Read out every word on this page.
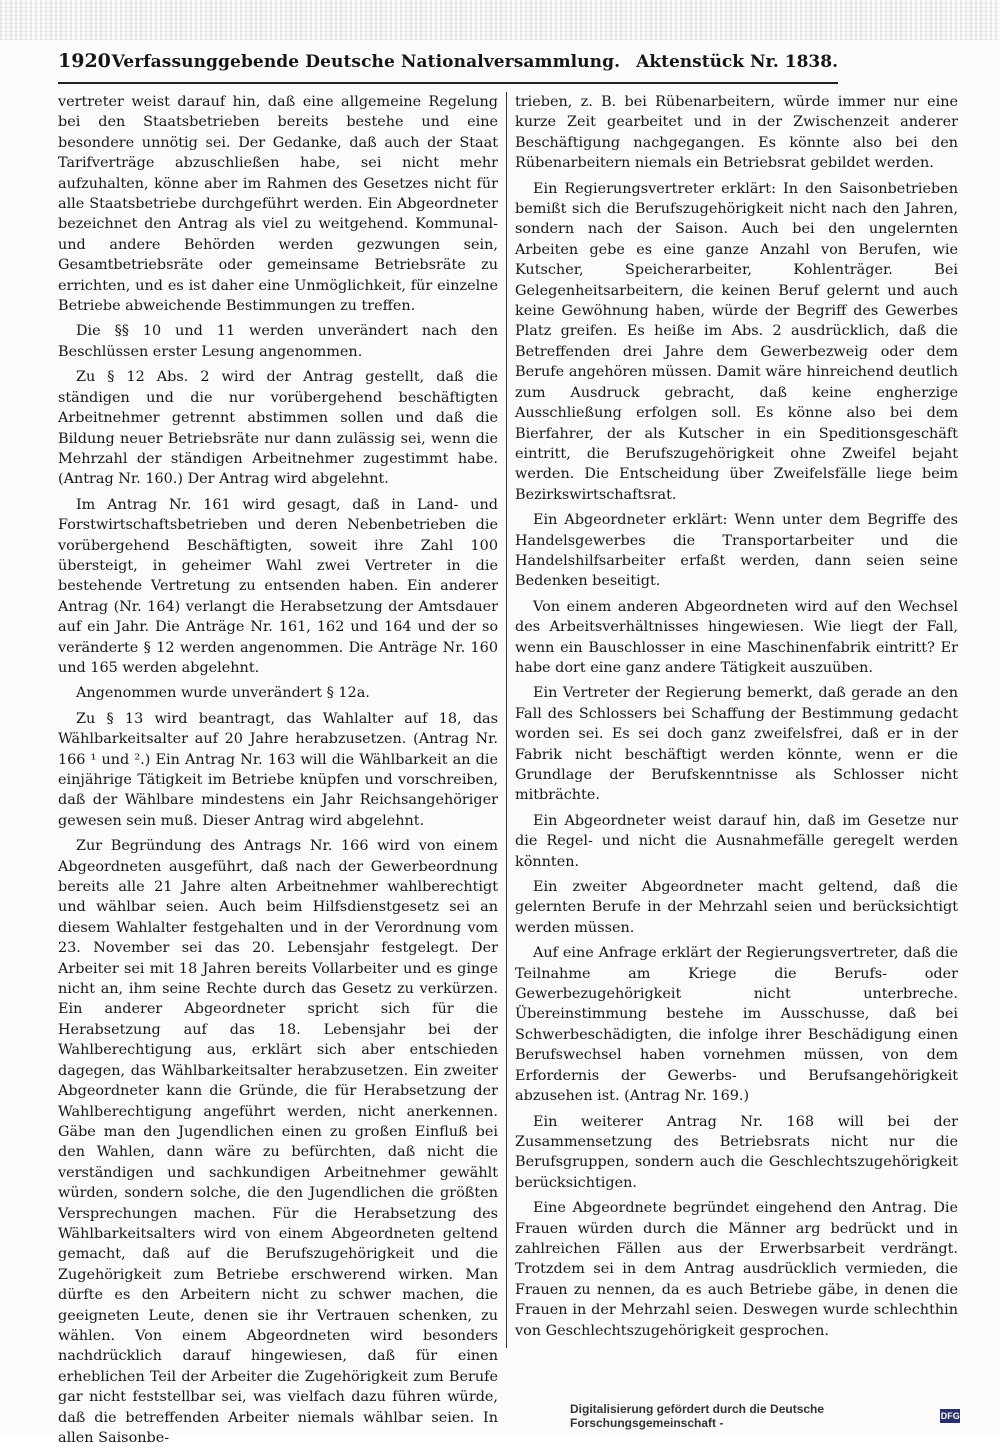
1920 Verfassunggebende Deutsche Nationalversammlung. Aktenstück Nr. 1838.

vertreter weist darauf hin, daß eine allgemeine Regelung bei den Staatsbetrieben bereits bestehe und eine besondere unnötig sei. Der Gedanke, daß auch der Staat Tarifverträge abzuschließen habe, sei nicht mehr aufzuhalten, könne aber im Rahmen des Gesetzes nicht für alle Staatsbetriebe durchgeführt werden. Ein Abgeordneter bezeichnet den Antrag als viel zu weitgehend. Kommunal- und andere Behörden werden gezwungen sein, Gesamtbetriebsräte oder gemeinsame Betriebsräte zu errichten, und es ist daher eine Unmöglichkeit, für einzelne Betriebe abweichende Bestimmungen zu treffen.

Die §§ 10 und 11 werden unverändert nach den Beschlüssen erster Lesung angenommen.

Zu § 12 Abs. 2 wird der Antrag gestellt, daß die ständigen und die nur vorübergehend beschäftigten Arbeitnehmer getrennt abstimmen sollen und daß die Bildung neuer Betriebsräte nur dann zulässig sei, wenn die Mehrzahl der ständigen Arbeitnehmer zugestimmt habe. (Antrag Nr. 160.) Der Antrag wird abgelehnt.

Im Antrag Nr. 161 wird gesagt, daß in Land- und Forstwirtschaftsbetrieben und deren Nebenbetrieben die vorübergehend Beschäftigten, soweit ihre Zahl 100 übersteigt, in geheimer Wahl zwei Vertreter in die bestehende Vertretung zu entsenden haben. Ein anderer Antrag (Nr. 164) verlangt die Herabsetzung der Amtsdauer auf ein Jahr. Die Anträge Nr. 161, 162 und 164 und der so veränderte § 12 werden angenommen. Die Anträge Nr. 160 und 165 werden abgelehnt.

Angenommen wurde unverändert § 12a.

Zu § 13 wird beantragt, das Wahlalter auf 18, das Wählbarkeitsalter auf 20 Jahre herabzusetzen. (Antrag Nr. 166 ¹ und ².) Ein Antrag Nr. 163 will die Wählbarkeit an die einjährige Tätigkeit im Betriebe knüpfen und vorschreiben, daß der Wählbare mindestens ein Jahr Reichsangehöriger gewesen sein muß. Dieser Antrag wird abgelehnt.

Zur Begründung des Antrags Nr. 166 wird von einem Abgeordneten ausgeführt, daß nach der Gewerbeordnung bereits alle 21 Jahre alten Arbeitnehmer wahlberechtigt und wählbar seien. Auch beim Hilfsdienstgesetz sei an diesem Wahlalter festgehalten und in der Verordnung vom 23. November sei das 20. Lebensjahr festgelegt. Der Arbeiter sei mit 18 Jahren bereits Vollarbeiter und es ginge nicht an, ihm seine Rechte durch das Gesetz zu verkürzen. Ein anderer Abgeordneter spricht sich für die Herabsetzung auf das 18. Lebensjahr bei der Wahlberechtigung aus, erklärt sich aber entschieden dagegen, das Wählbarkeitsalter herabzusetzen. Ein zweiter Abgeordneter kann die Gründe, die für Herabsetzung der Wahlberechtigung angeführt werden, nicht anerkennen. Gäbe man den Jugendlichen einen zu großen Einfluß bei den Wahlen, dann wäre zu befürchten, daß nicht die verständigen und sachkundigen Arbeitnehmer gewählt würden, sondern solche, die den Jugendlichen die größten Versprechungen machen. Für die Herabsetzung des Wählbarkeitsalters wird von einem Abgeordneten geltend gemacht, daß auf die Berufszugehörigkeit und die Zugehörigkeit zum Betriebe erschwerend wirken. Man dürfte es den Arbeitern nicht zu schwer machen, die geeigneten Leute, denen sie ihr Vertrauen schenken, zu wählen. Von einem Abgeordneten wird besonders nachdrücklich darauf hingewiesen, daß für einen erheblichen Teil der Arbeiter die Zugehörigkeit zum Berufe gar nicht feststellbar sei, was vielfach dazu führen würde, daß die betreffenden Arbeiter niemals wählbar seien. In allen Saisonbe-

trieben, z. B. bei Rübenarbeitern, würde immer nur eine kurze Zeit gearbeitet und in der Zwischenzeit anderer Beschäftigung nachgegangen. Es könnte also bei den Rübenarbeitern niemals ein Betriebsrat gebildet werden.

Ein Regierungsvertreter erklärt: In den Saisonbetrieben bemißt sich die Berufszugehörigkeit nicht nach den Jahren, sondern nach der Saison. Auch bei den ungelernten Arbeiten gebe es eine ganze Anzahl von Berufen, wie Kutscher, Speicherarbeiter, Kohlenträger. Bei Gelegenheitsarbeitern, die keinen Beruf gelernt und auch keine Gewöhnung haben, würde der Begriff des Gewerbes Platz greifen. Es heiße im Abs. 2 ausdrücklich, daß die Betreffenden drei Jahre dem Gewerbezweig oder dem Berufe angehören müssen. Damit wäre hinreichend deutlich zum Ausdruck gebracht, daß keine engherzige Ausschließung erfolgen soll. Es könne also bei dem Bierfahrer, der als Kutscher in ein Speditionsgeschäft eintritt, die Berufszugehörigkeit ohne Zweifel bejaht werden. Die Entscheidung über Zweifelsfälle liege beim Bezirkswirtschaftsrat.

Ein Abgeordneter erklärt: Wenn unter dem Begriffe des Handelsgewerbes die Transportarbeiter und die Handelshilfsarbeiter erfaßt werden, dann seien seine Bedenken beseitigt.

Von einem anderen Abgeordneten wird auf den Wechsel des Arbeitsverhältnisses hingewiesen. Wie liegt der Fall, wenn ein Bauschlosser in eine Maschinenfabrik eintritt? Er habe dort eine ganz andere Tätigkeit auszuüben.

Ein Vertreter der Regierung bemerkt, daß gerade an den Fall des Schlossers bei Schaffung der Bestimmung gedacht worden sei. Es sei doch ganz zweifelsfrei, daß er in der Fabrik nicht beschäftigt werden könnte, wenn er die Grundlage der Berufskenntnisse als Schlosser nicht mitbrächte.

Ein Abgeordneter weist darauf hin, daß im Gesetze nur die Regel- und nicht die Ausnahmefälle geregelt werden könnten.

Ein zweiter Abgeordneter macht geltend, daß die gelernten Berufe in der Mehrzahl seien und berücksichtigt werden müssen.

Auf eine Anfrage erklärt der Regierungsvertreter, daß die Teilnahme am Kriege die Berufs- oder Gewerbezugehörigkeit nicht unterbreche. Übereinstimmung bestehe im Ausschusse, daß bei Schwerbeschädigten, die infolge ihrer Beschädigung einen Berufswechsel haben vornehmen müssen, von dem Erfordernis der Gewerbs- und Berufsangehörigkeit abzusehen ist. (Antrag Nr. 169.)

Ein weiterer Antrag Nr. 168 will bei der Zusammensetzung des Betriebsrats nicht nur die Berufsgruppen, sondern auch die Geschlechtszugehörigkeit berücksichtigen.

Eine Abgeordnete begründet eingehend den Antrag. Die Frauen würden durch die Männer arg bedrückt und in zahlreichen Fällen aus der Erwerbsarbeit verdrängt. Trotzdem sei in dem Antrag ausdrücklich vermieden, die Frauen zu nennen, da es auch Betriebe gäbe, in denen die Frauen in der Mehrzahl seien. Deswegen wurde schlechthin von Geschlechtszugehörigkeit gesprochen.

Digitalisierung gefördert durch die Deutsche Forschungsgemeinschaft -	DFG
